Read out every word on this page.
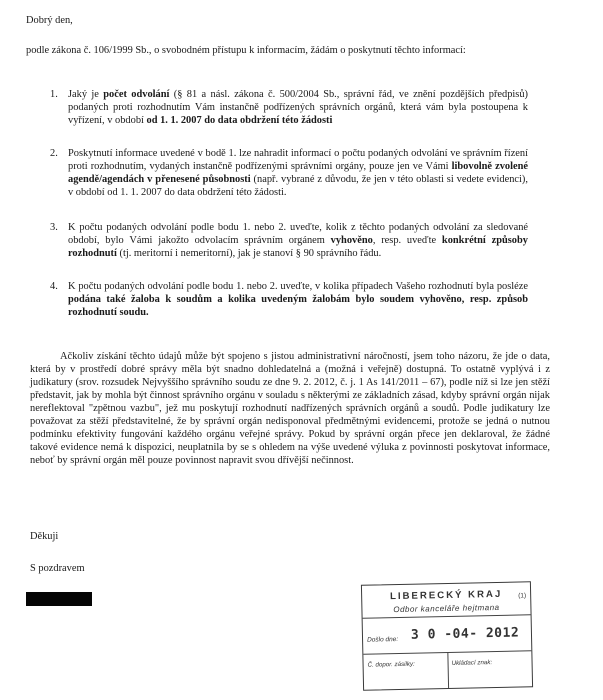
Dobrý den,
podle zákona č. 106/1999 Sb., o svobodném přístupu k informacím, žádám o poskytnutí těchto informací:
1. Jaký je počet odvolání (§ 81 a násl. zákona č. 500/2004 Sb., správní řád, ve znění pozdějších předpisů) podaných proti rozhodnutím Vám instančně podřízených správních orgánů, která vám byla postoupena k vyřízení, v období od 1. 1. 2007 do data obdržení této žádosti
2. Poskytnutí informace uvedené v bodě 1. lze nahradit informací o počtu podaných odvolání ve správním řízení proti rozhodnutím, vydaných instančně podřízenými správními orgány, pouze jen ve Vámi libovolně zvolené agendě/agendách v přenesené působnosti (např. vybrané z důvodu, že jen v této oblasti si vedete evidenci), v období od 1. 1. 2007 do data obdržení této žádosti.
3. K počtu podaných odvolání podle bodu 1. nebo 2. uveďte, kolik z těchto podaných odvolání za sledované období, bylo Vámi jakožto odvolacím správním orgánem vyhověno, resp. uveďte konkrétní způsoby rozhodnutí (tj. meritorní i nemeritorní), jak je stanoví § 90 správního řádu.
4. K počtu podaných odvolání podle bodu 1. nebo 2. uveďte, v kolika případech Vašeho rozhodnutí byla posléze podána také žaloba k soudům a kolika uvedeným žalobám bylo soudem vyhověno, resp. způsob rozhodnutí soudu.
Ačkoliv získání těchto údajů může být spojeno s jistou administrativní náročností, jsem toho názoru, že jde o data, která by v prostředí dobré správy měla být snadno dohledatelná a (možná i veřejně) dostupná. To ostatně vyplývá i z judikatury (srov. rozsudek Nejvyššího správního soudu ze dne 9. 2. 2012, č. j. 1 As 141/2011 – 67), podle níž si lze jen stěží představit, jak by mohla být činnost správního orgánu v souladu s některými ze základních zásad, kdyby správní orgán nijak nereflektoval "zpětnou vazbu", jež mu poskytují rozhodnutí nadřízených správních orgánů a soudů. Podle judikatury lze považovat za stěží představitelné, že by správní orgán nedisponoval předmětnými evidencemi, protože se jedná o nutnou podmínku efektivity fungování každého orgánu veřejné správy. Pokud by správní orgán přece jen deklaroval, že žádné takové evidence nemá k dispozici, neuplatnila by se s ohledem na výše uvedené výluka z povinnosti poskytovat informace, neboť by správní orgán měl pouze povinnost napravit svou dřívější nečinnost.
Děkuji
S pozdravem
LIBERECKÝ KRAJ	(1)
Odbor kanceláře hejtmana
Došlo dne: 3 0 -04- 2012
Č. dopor. zásilky:	Ukládací znak:
